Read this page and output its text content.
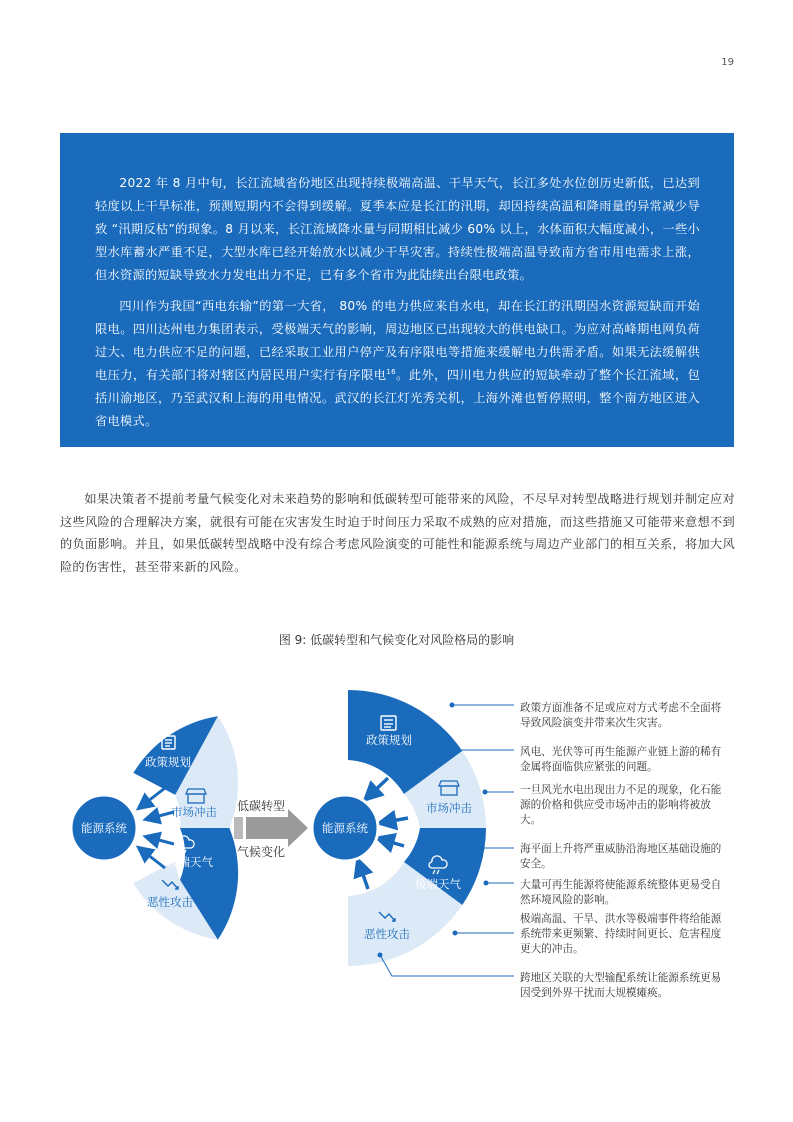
19

2022 年 8 月中旬，长江流域省份地区出现持续极端高温、干旱天气，长江多处水位创历史新低，已达到轻度以上干旱标准，预测短期内不会得到缓解。夏季本应是长江的汛期，却因持续高温和降雨量的异常减少导致 “汛期反枯”的现象。8 月以来，长江流域降水量与同期相比减少 60% 以上，水体面积大幅度减小，一些小型水库蓄水严重不足，大型水库已经开始放水以减少干旱灾害。持续性极端高温导致南方省市用电需求上涨，但水资源的短缺导致水力发电出力不足，已有多个省市为此陆续出台限电政策。

四川作为我国“西电东输”的第一大省， 80% 的电力供应来自水电，却在长江的汛期因水资源短缺而开始限电。四川达州电力集团表示，受极端天气的影响，周边地区已出现较大的供电缺口。为应对高峰期电网负荷过大、电力供应不足的问题，已经采取工业用户停产及有序限电等措施来缓解电力供需矛盾。如果无法缓解供电压力，有关部门将对辖区内居民用户实行有序限电$^{16}$。此外，四川电力供应的短缺牵动了整个长江流域，包括川渝地区，乃至武汉和上海的用电情况。武汉的长江灯光秀关机，上海外滩也暂停照明，整个南方地区进入省电模式。

如果决策者不提前考量气候变化对未来趋势的影响和低碳转型可能带来的风险，不尽早对转型战略进行规划并制定应对这些风险的合理解决方案，就很有可能在灾害发生时迫于时间压力采取不成熟的应对措施，而这些措施又可能带来意想不到的负面影响。并且，如果低碳转型战略中没有综合考虑风险演变的可能性和能源系统与周边产业部门的相互关系，将加大风险的伤害性，甚至带来新的风险。

图 9: 低碳转型和气候变化对风险格局的影响
能源系统
政策规划
市场冲击
极端天气
恶性攻击
能源系统
政策规划
市场冲击
极端天气
恶性攻击
低碳转型
气候变化
政策方面准备不足或应对方式考虑不全面将导致风险演变并带来次生灾害。
风电、光伏等可再生能源产业链上游的稀有金属将面临供应紧张的问题。
一旦风光水电出现出力不足的现象，化石能源的价格和供应受市场冲击的影响将被放大。
海平面上升将严重威胁沿海地区基础设施的安全。
大量可再生能源将使能源系统整体更易受自然环境风险的影响。
极端高温、干旱、洪水等极端事件将给能源系统带来更频繁、持续时间更长、危害程度更大的冲击。
跨地区关联的大型输配系统让能源系统更易因受到外界干扰而大规模瘫痪。
